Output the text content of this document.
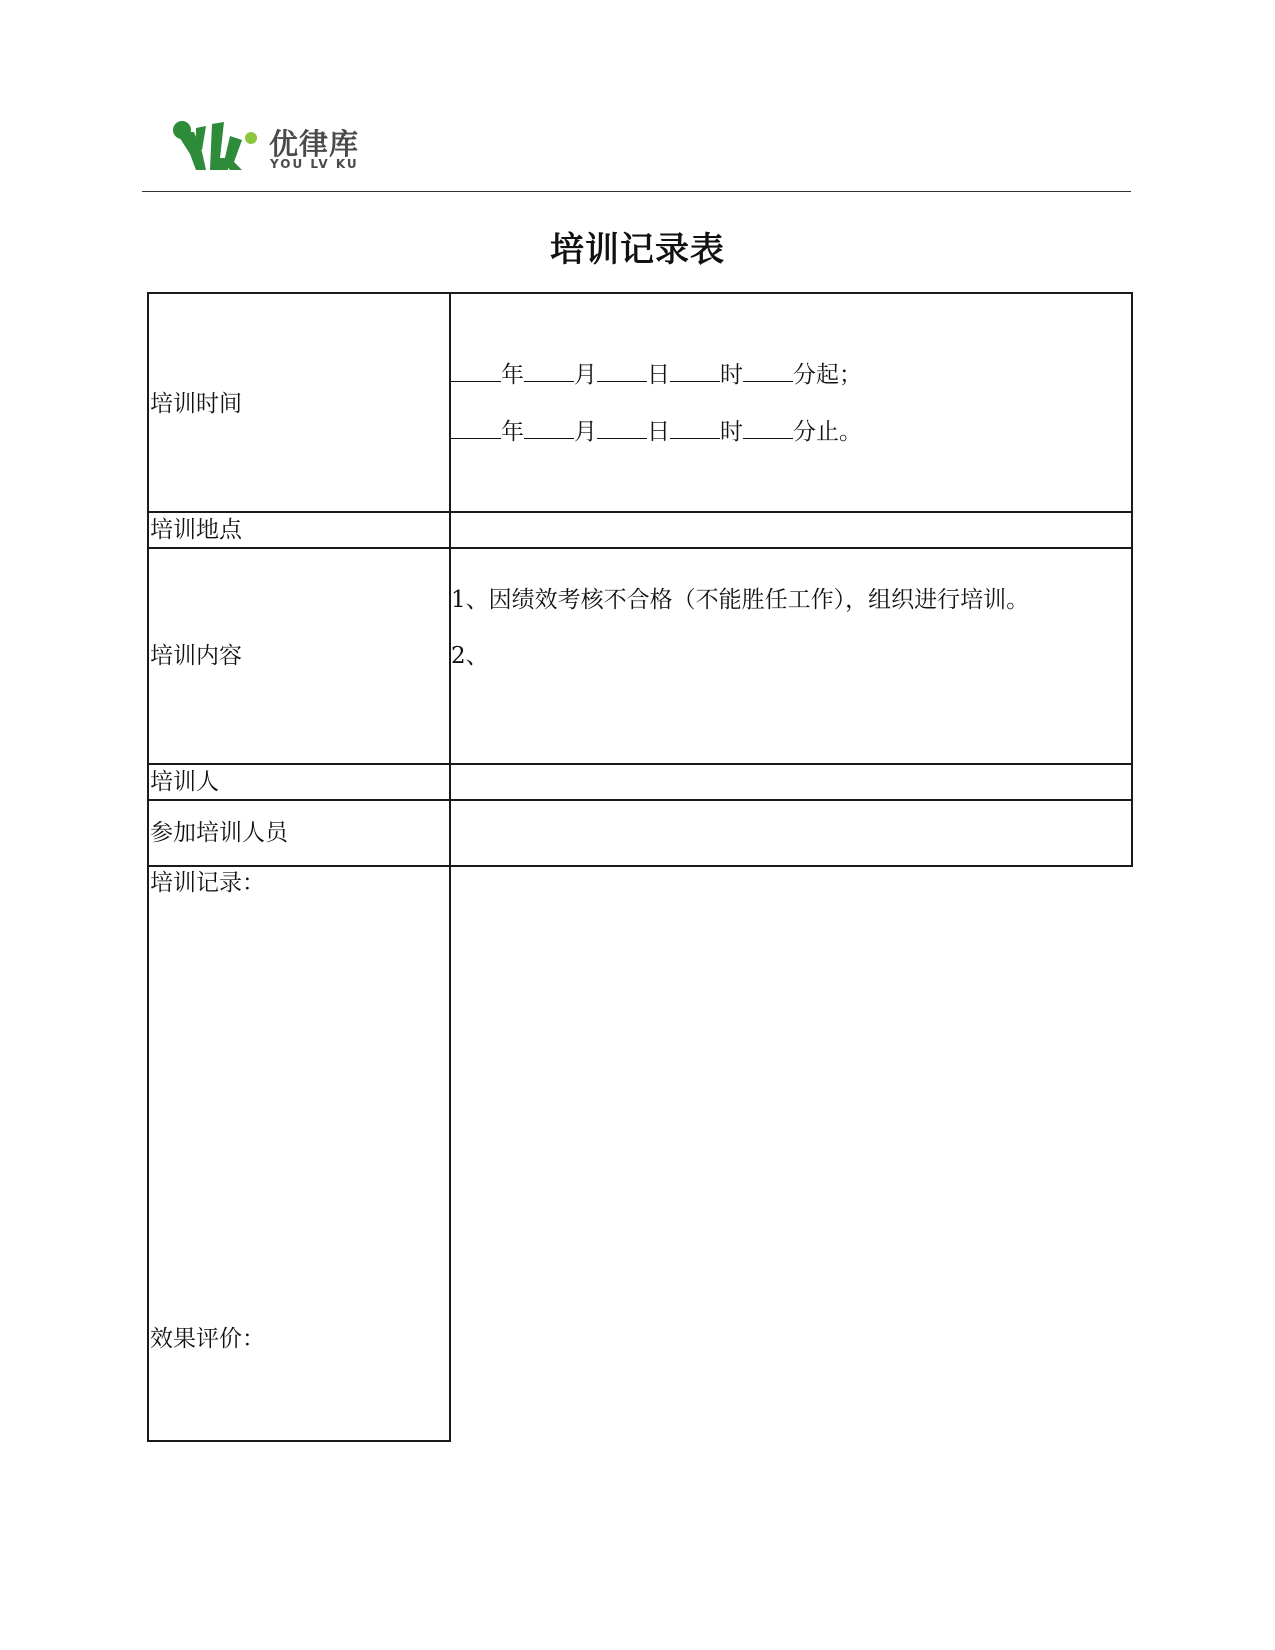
优律库
YOU LV KU
培训记录表
培训时间
年 月 日 时 分起；
年 月 日 时 分止。
培训地点
培训内容
1、因绩效考核不合格（不能胜任工作），组织进行培训。
2、
培训人
参加培训人员
培训记录：
效果评价：
